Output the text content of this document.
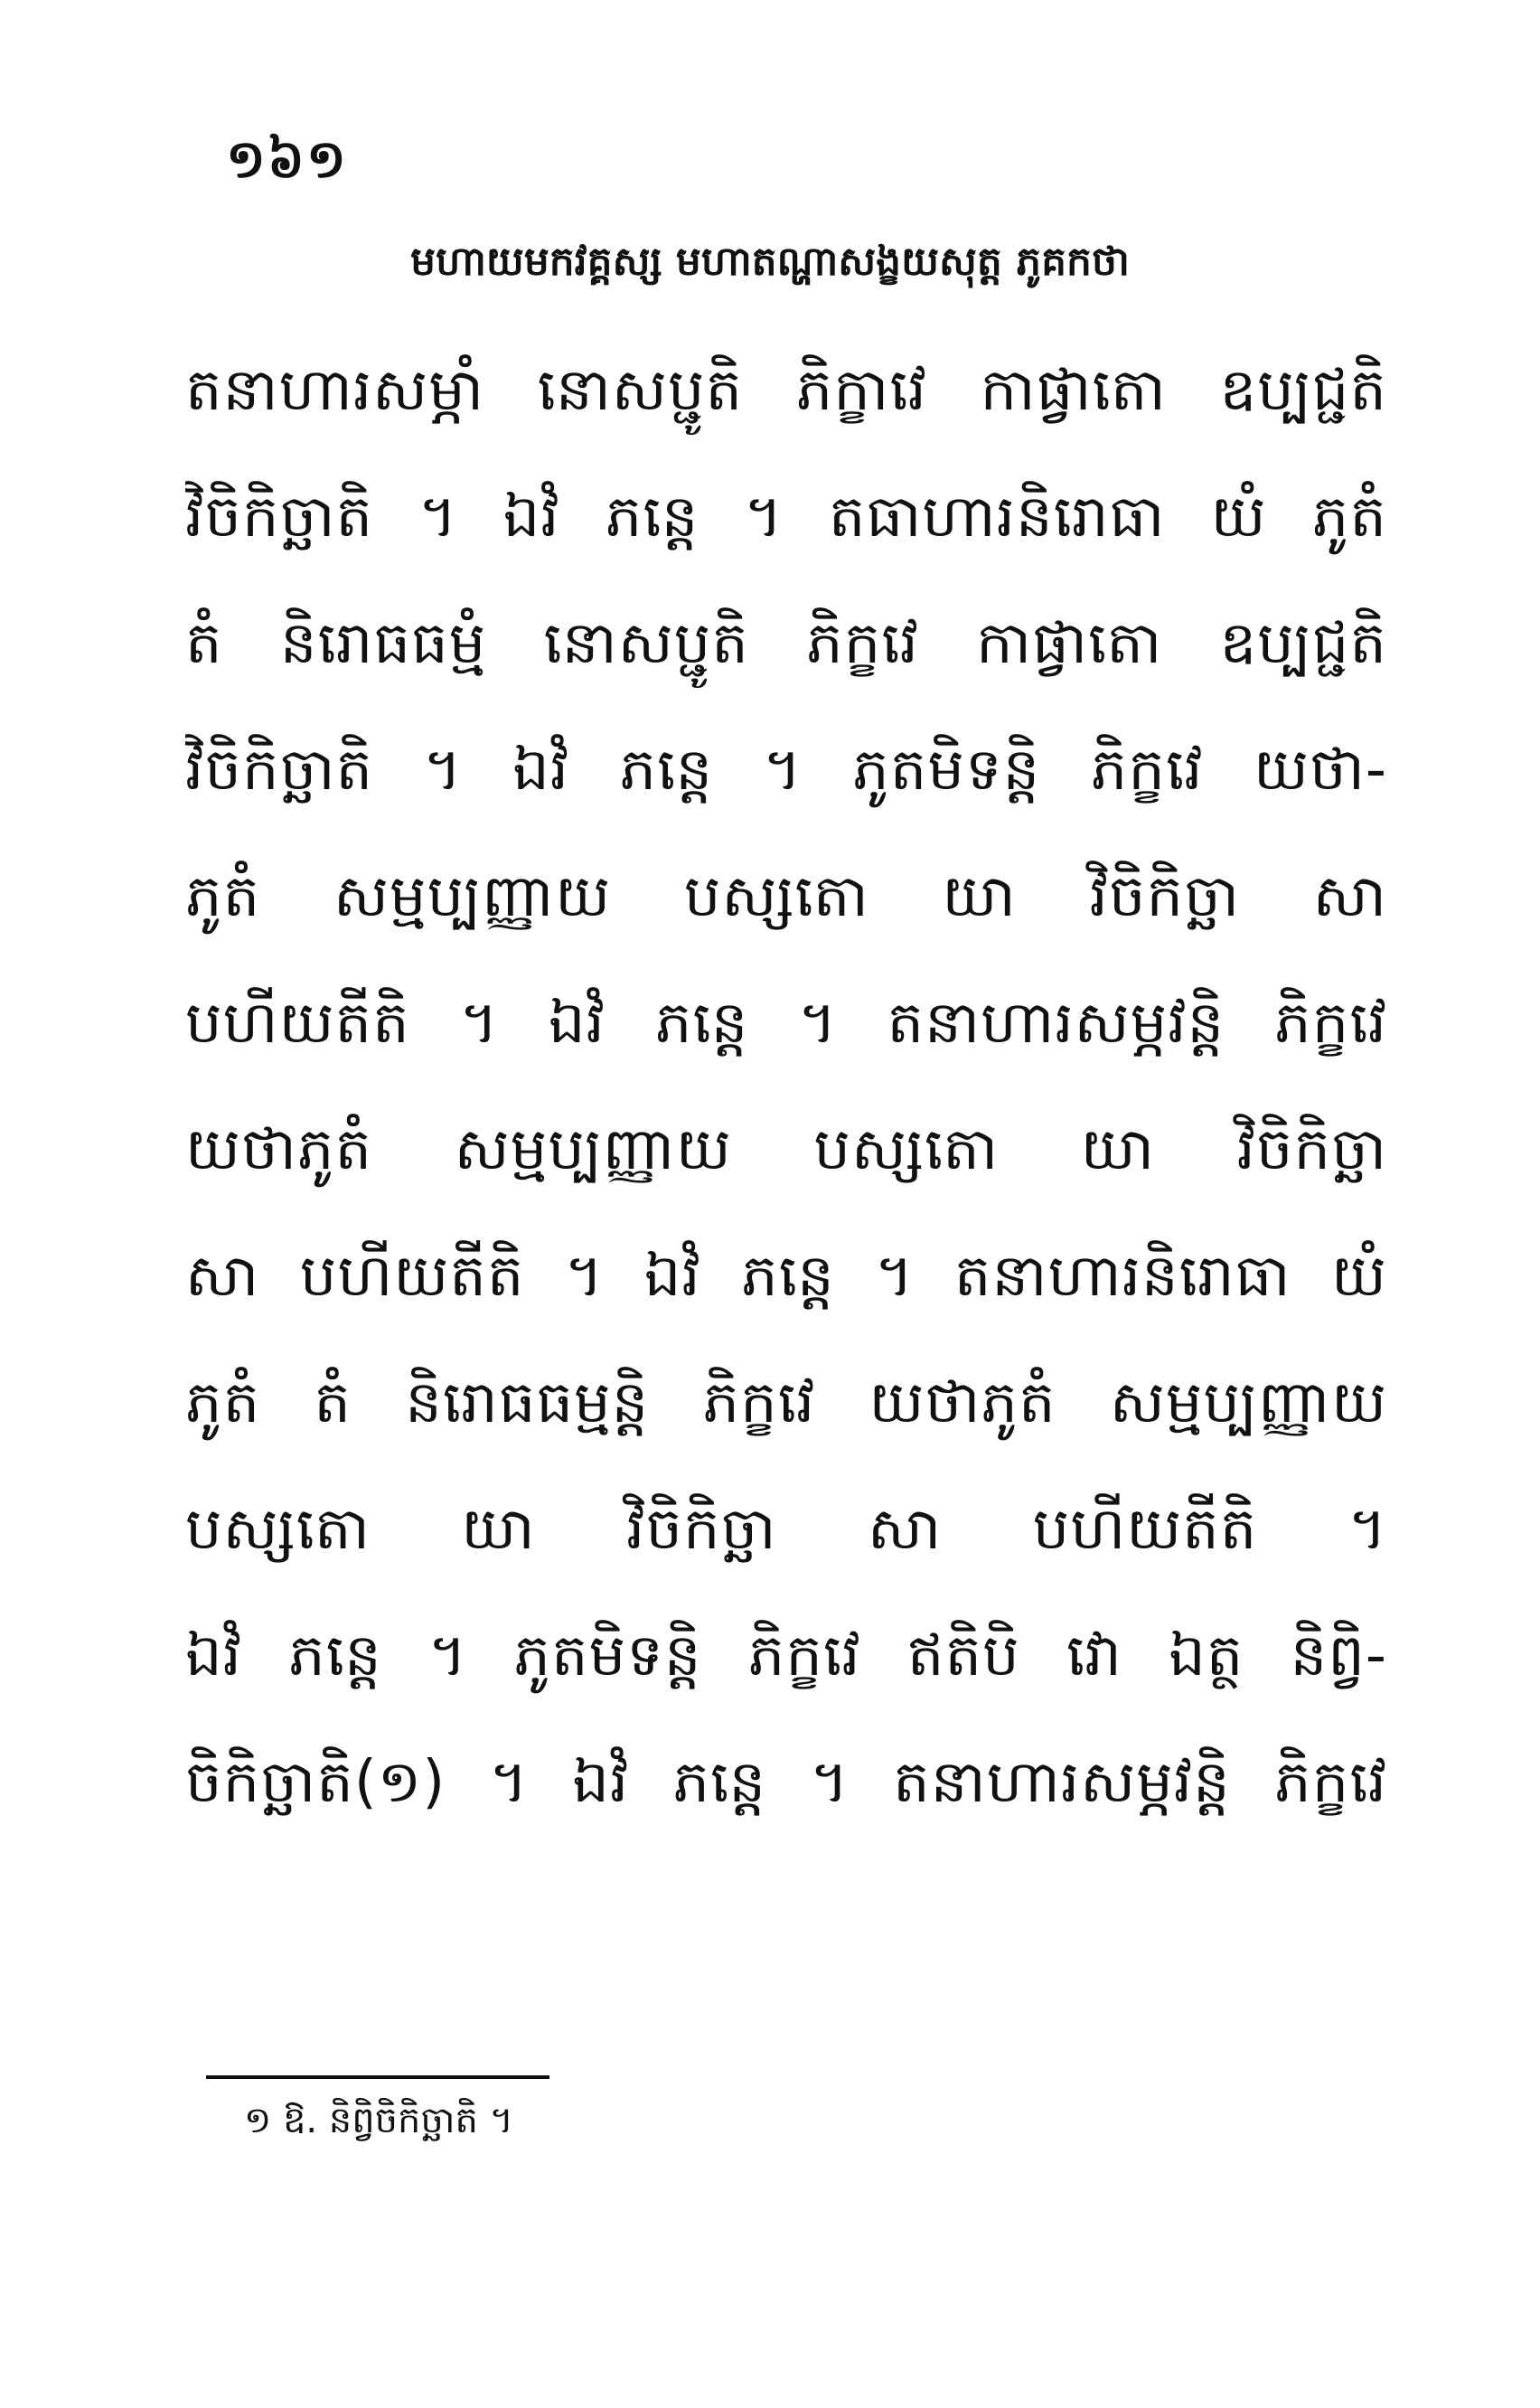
១៦១
មហាយមកវគ្គស្ស មហាតណ្ហាសង្ខយសុត្ត ភូគកថា
តនាហារសម្ភាំ នោសប្ជូតិ ភិក្ខាវេ កាផ្វាតោ ឧប្បជ្ជតិ
វិចិកិច្ឆាតិ ។ ឯវំ ភន្តេ ។ តធាហារនិរោធា យំ ភូតំ
តំ និរោធធម្មំ នោសប្ជូតិ ភិក្ខវេ កាផ្វាតោ ឧប្បជ្ជតិ
វិចិកិច្ឆាតិ ។ ឯវំ ភន្តេ ។ ភូតមិទន្តិ ភិក្ខវេ យថា-
ភូតំ សម្មប្បញ្ញាយ បស្សតោ យា វិចិកិច្ឆា សា
បហីយតីតិ ។ ឯវំ ភន្តេ ។ តនាហារសម្ភវន្តិ ភិក្ខវេ
យថាភូតំ សម្មប្បញ្ញាយ បស្សតោ យា វិចិកិច្ឆា
សា បហីយតីតិ ។ ឯវំ ភន្តេ ។ តនាហារនិរោធា យំ
ភូតំ តំ និរោធធម្មន្តិ ភិក្ខវេ យថាភូតំ សម្មប្បញ្ញាយ
បស្សតោ យា វិចិកិច្ឆា សា បហីយតីតិ ។
ឯវំ ភន្តេ ។ ភូតមិទន្តិ ភិក្ខវេ ឥតិបិ វោ ឯត្ថ និព្វិ-
ចិកិច្ឆាតិ(១) ។ ឯវំ ភន្តេ ។ តនាហារសម្ភវន្តិ ភិក្ខវេ
១ ឱ. និព្វិចិកិច្ឆាតិ ។
